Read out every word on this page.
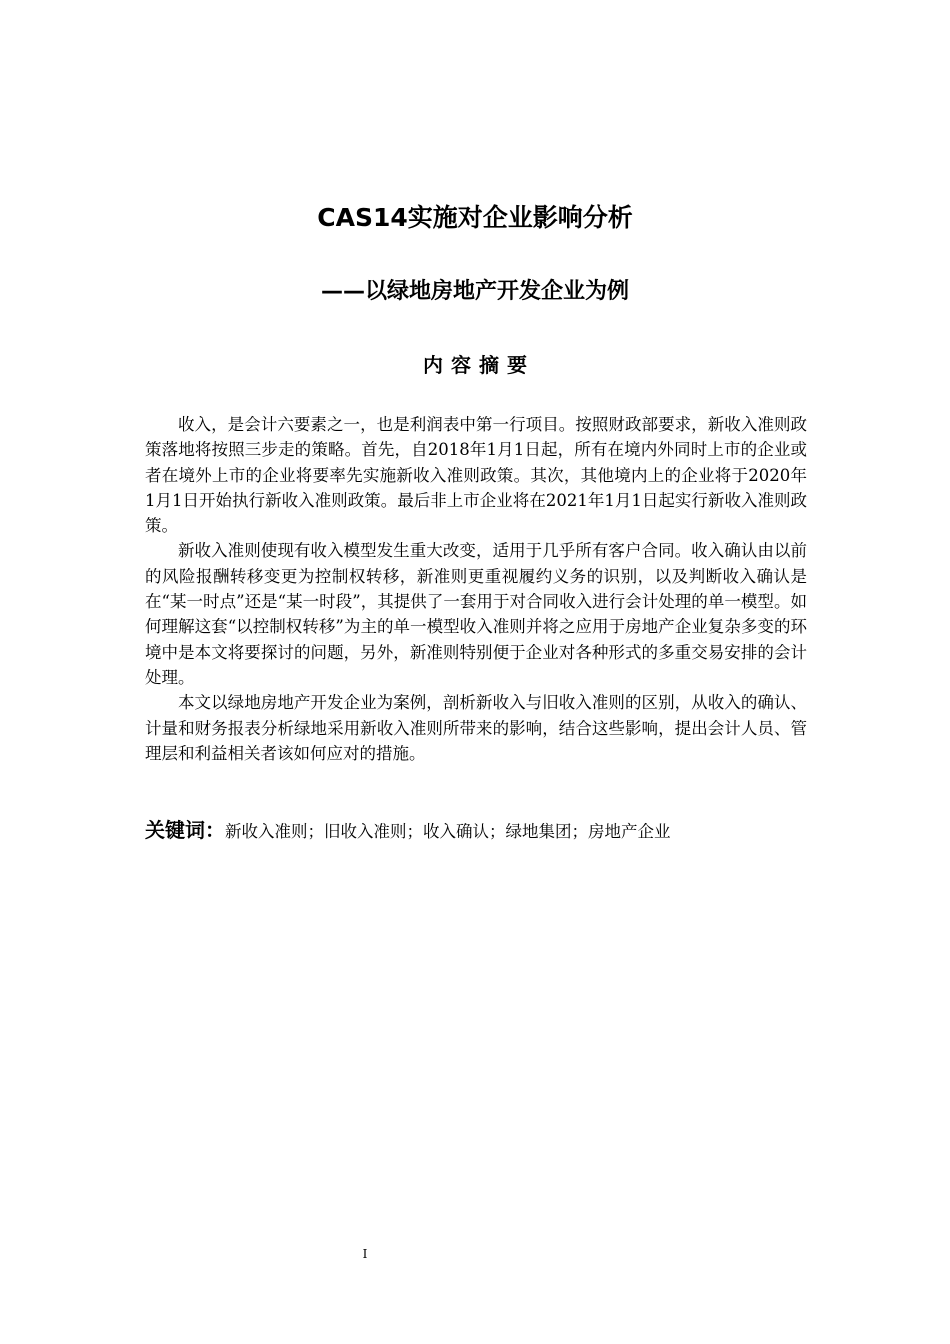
CAS14实施对企业影响分析
——以绿地房地产开发企业为例
内容摘要

收入，是会计六要素之一，也是利润表中第一行项目。按照财政部要求，新收入准则政策落地将按照三步走的策略。首先，自2018年1月1日起，所有在境内外同时上市的企业或者在境外上市的企业将要率先实施新收入准则政策。其次，其他境内上的企业将于2020年1月1日开始执行新收入准则政策。最后非上市企业将在2021年1月1日起实行新收入准则政策。

新收入准则使现有收入模型发生重大改变，适用于几乎所有客户合同。收入确认由以前的风险报酬转移变更为控制权转移，新准则更重视履约义务的识别，以及判断收入确认是在“某一时点”还是“某一时段”，其提供了一套用于对合同收入进行会计处理的单一模型。如何理解这套“以控制权转移”为主的单一模型收入准则并将之应用于房地产企业复杂多变的环境中是本文将要探讨的问题，另外，新准则特别便于企业对各种形式的多重交易安排的会计处理。

本文以绿地房地产开发企业为案例，剖析新收入与旧收入准则的区别，从收入的确认、计量和财务报表分析绿地采用新收入准则所带来的影响，结合这些影响，提出会计人员、管理层和利益相关者该如何应对的措施。

关键词：新收入准则；旧收入准则；收入确认；绿地集团；房地产企业
I
